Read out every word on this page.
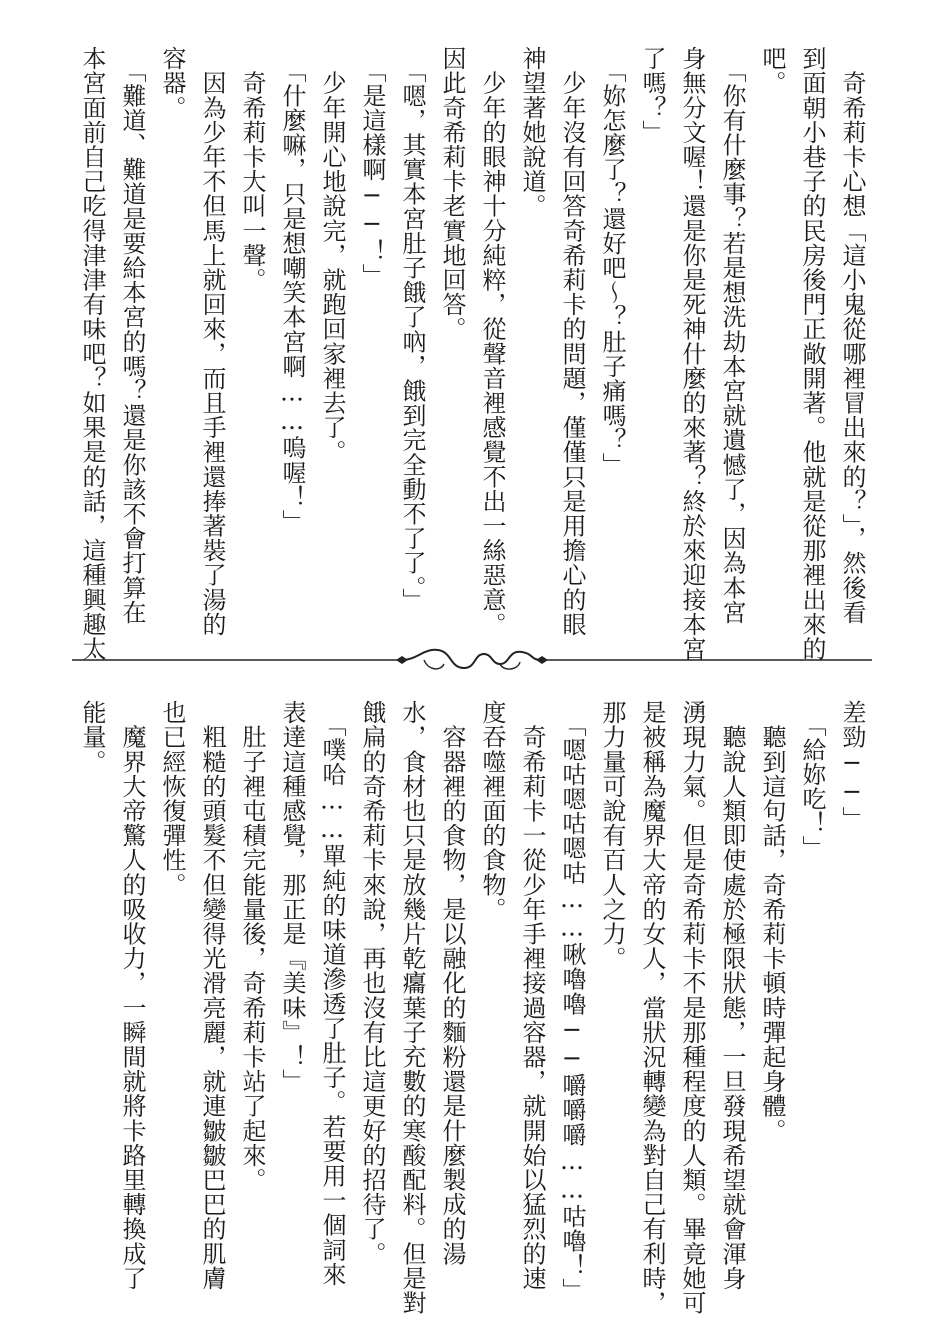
　奇希莉卡心想「這小鬼從哪裡冒出來的？」，然後看
到面朝小巷子的民房後門正敞開著。他就是從那裡出來的
吧。
　「你有什麼事？若是想洗劫本宮就遺憾了，因為本宮
身無分文喔！還是你是死神什麼的來著？終於來迎接本宮
了嗎？」
　「妳怎麼了？還好吧～？肚子痛嗎？」
　少年沒有回答奇希莉卡的問題，僅僅只是用擔心的眼
神望著她說道。
　少年的眼神十分純粹，從聲音裡感覺不出一絲惡意。
因此奇希莉卡老實地回答。
　「嗯，其實本宮肚子餓了吶，餓到完全動不了了。」
　「是這樣啊──！」
　少年開心地說完，就跑回家裡去了。
　「什麼嘛，只是想嘲笑本宮啊……嗚喔！」
　奇希莉卡大叫一聲。
　因為少年不但馬上就回來，而且手裡還捧著裝了湯的
容器。
　「難道、難道是要給本宮的嗎？還是你該不會打算在
本宮面前自己吃得津津有味吧？如果是的話，這種興趣太
差勁──」
　「給妳吃！」
　聽到這句話，奇希莉卡頓時彈起身體。
　聽說人類即使處於極限狀態，一旦發現希望就會渾身
湧現力氣。但是奇希莉卡不是那種程度的人類。畢竟她可
是被稱為魔界大帝的女人，當狀況轉變為對自己有利時，
那力量可說有百人之力。
　「嗯咕嗯咕嗯咕……啾嚕嚕──嚼嚼嚼……咕嚕！」
　奇希莉卡一從少年手裡接過容器，就開始以猛烈的速
度吞噬裡面的食物。
　容器裡的食物，是以融化的麵粉還是什麼製成的湯
水，食材也只是放幾片乾癟葉子充數的寒酸配料。但是對
餓扁的奇希莉卡來說，再也沒有比這更好的招待了。
　「噗哈……單純的味道滲透了肚子。若要用一個詞來
表達這種感覺，那正是『美味』！」
　肚子裡屯積完能量後，奇希莉卡站了起來。
　粗糙的頭髮不但變得光滑亮麗，就連皺皺巴巴的肌膚
也已經恢復彈性。
　魔界大帝驚人的吸收力，一瞬間就將卡路里轉換成了
能量。
